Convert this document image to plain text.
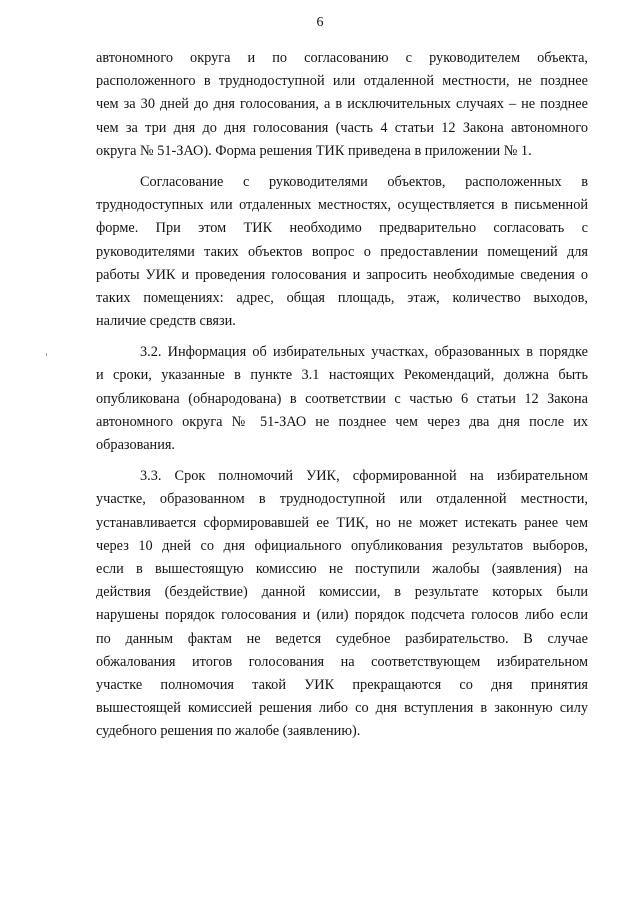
6
автономного округа и по согласованию с руководителем объекта,
расположенного в труднодоступной или отдаленной местности, не позднее
чем за 30 дней до дня голосования, а в исключительных случаях – не позднее
чем за три дня до дня голосования (часть 4 статьи 12 Закона автономного
округа № 51-ЗАО). Форма решения ТИК приведена в приложении № 1.
Согласование с руководителями объектов, расположенных в
труднодоступных или отдаленных местностях, осуществляется в письменной
форме. При этом ТИК необходимо предварительно согласовать с
руководителями таких объектов вопрос о предоставлении помещений для
работы УИК и проведения голосования и запросить необходимые сведения о
таких помещениях: адрес, общая площадь, этаж, количество выходов,
наличие средств связи.
3.2. Информация об избирательных участках, образованных в порядке
и сроки, указанные в пункте 3.1 настоящих Рекомендаций, должна быть
опубликована (обнародована) в соответствии с частью 6 статьи 12 Закона
автономного округа № 51-ЗАО не позднее чем через два дня после их
образования.
3.3. Срок полномочий УИК, сформированной на избирательном
участке, образованном в труднодоступной или отдаленной местности,
устанавливается сформировавшей ее ТИК, но не может истекать ранее чем
через 10 дней со дня официального опубликования результатов выборов,
если в вышестоящую комиссию не поступили жалобы (заявления) на
действия (бездействие) данной комиссии, в результате которых были
нарушены порядок голосования и (или) порядок подсчета голосов либо если
по данным фактам не ведется судебное разбирательство. В случае
обжалования итогов голосования на соответствующем избирательном
участке полномочия такой УИК прекращаются со дня принятия
вышестоящей комиссией решения либо со дня вступления в законную силу
судебного решения по жалобе (заявлению).
